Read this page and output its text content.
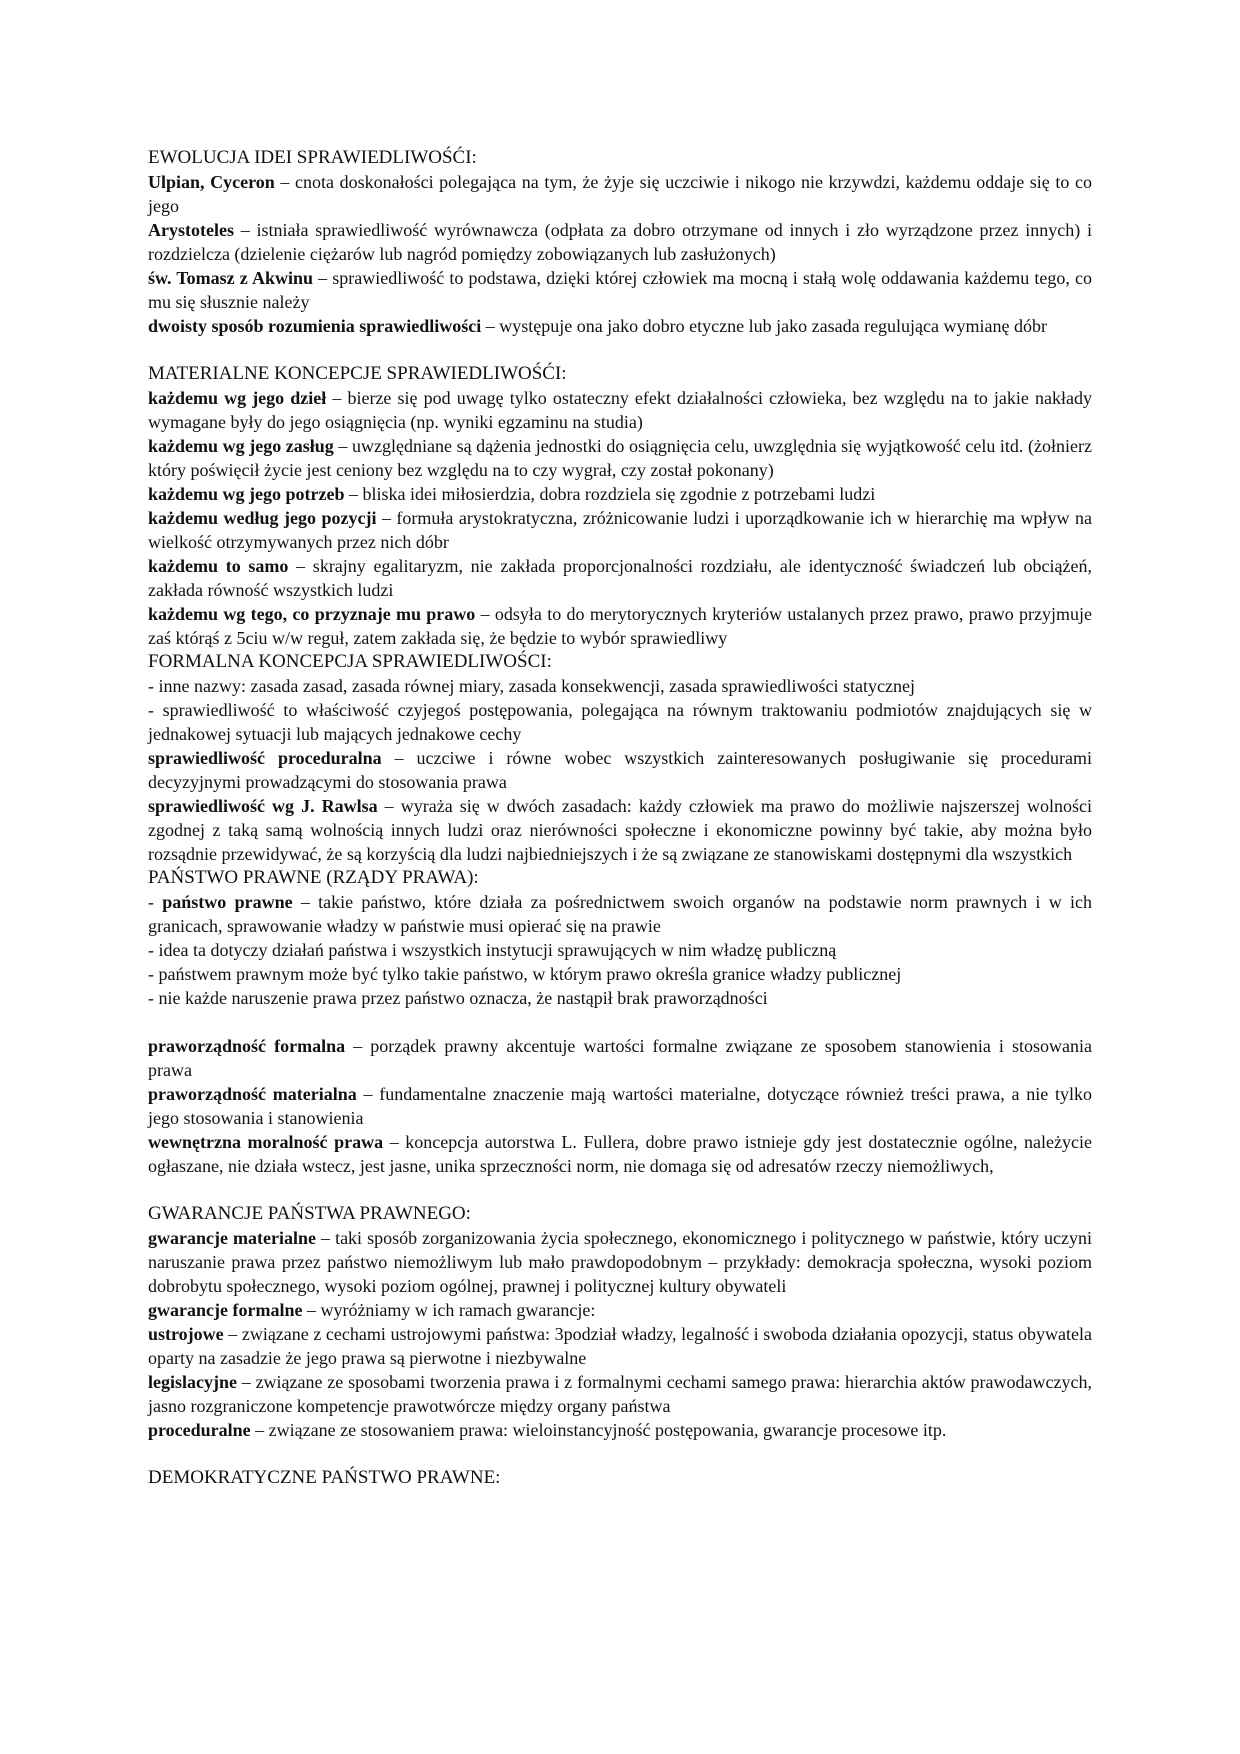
EWOLUCJA IDEI SPRAWIEDLIWOŚĆI:

Ulpian, Cyceron – cnota doskonałości polegająca na tym, że żyje się uczciwie i nikogo nie krzywdzi, każdemu oddaje się to co jego

Arystoteles – istniała sprawiedliwość wyrównawcza (odpłata za dobro otrzymane od innych i zło wyrządzone przez innych) i rozdzielcza (dzielenie ciężarów lub nagród pomiędzy zobowiązanych lub zasłużonych)

św. Tomasz z Akwinu – sprawiedliwość to podstawa, dzięki której człowiek ma mocną i stałą wolę oddawania każdemu tego, co mu się słusznie należy

dwoisty sposób rozumienia sprawiedliwości – występuje ona jako dobro etyczne lub jako zasada regulująca wymianę dóbr

MATERIALNE KONCEPCJE SPRAWIEDLIWOŚĆI:

każdemu wg jego dzieł – bierze się pod uwagę tylko ostateczny efekt działalności człowieka, bez względu na to jakie nakłady wymagane były do jego osiągnięcia (np. wyniki egzaminu na studia)

każdemu wg jego zasług – uwzględniane są dążenia jednostki do osiągnięcia celu, uwzględnia się wyjątkowość celu itd. (żołnierz który poświęcił życie jest ceniony bez względu na to czy wygrał, czy został pokonany)

każdemu wg jego potrzeb – bliska idei miłosierdzia, dobra rozdziela się zgodnie z potrzebami ludzi

każdemu według jego pozycji – formuła arystokratyczna, zróżnicowanie ludzi i uporządkowanie ich w hierarchię ma wpływ na wielkość otrzymywanych przez nich dóbr

każdemu to samo – skrajny egalitaryzm, nie zakłada proporcjonalności rozdziału, ale identyczność świadczeń lub obciążeń, zakłada równość wszystkich ludzi

każdemu wg tego, co przyznaje mu prawo – odsyła to do merytorycznych kryteriów ustalanych przez prawo, prawo przyjmuje zaś którąś z 5ciu w/w reguł, zatem zakłada się, że będzie to wybór sprawiedliwy

FORMALNA KONCEPCJA SPRAWIEDLIWOŚCI:

- inne nazwy: zasada zasad, zasada równej miary, zasada konsekwencji, zasada sprawiedliwości statycznej

- sprawiedliwość to właściwość czyjegoś postępowania, polegająca na równym traktowaniu podmiotów znajdujących się w jednakowej sytuacji lub mających jednakowe cechy

sprawiedliwość proceduralna – uczciwe i równe wobec wszystkich zainteresowanych posługiwanie się procedurami decyzyjnymi prowadzącymi do stosowania prawa

sprawiedliwość wg J. Rawlsa – wyraża się w dwóch zasadach: każdy człowiek ma prawo do możliwie najszerszej wolności zgodnej z taką samą wolnością innych ludzi oraz nierówności społeczne i ekonomiczne powinny być takie, aby można było rozsądnie przewidywać, że są korzyścią dla ludzi najbiedniejszych i że są związane ze stanowiskami dostępnymi dla wszystkich

PAŃSTWO PRAWNE (RZĄDY PRAWA):

- państwo prawne – takie państwo, które działa za pośrednictwem swoich organów na podstawie norm prawnych i w ich granicach, sprawowanie władzy w państwie musi opierać się na prawie

- idea ta dotyczy działań państwa i wszystkich instytucji sprawujących w nim władzę publiczną

- państwem prawnym może być tylko takie państwo, w którym prawo określa granice władzy publicznej

- nie każde naruszenie prawa przez państwo oznacza, że nastąpił brak praworządności

praworządność formalna – porządek prawny akcentuje wartości formalne związane ze sposobem stanowienia i stosowania prawa

praworządność materialna – fundamentalne znaczenie mają wartości materialne, dotyczące również treści prawa, a nie tylko jego stosowania i stanowienia

wewnętrzna moralność prawa – koncepcja autorstwa L. Fullera, dobre prawo istnieje gdy jest dostatecznie ogólne, należycie ogłaszane, nie działa wstecz, jest jasne, unika sprzeczności norm, nie domaga się od adresatów rzeczy niemożliwych,

GWARANCJE PAŃSTWA PRAWNEGO:

gwarancje materialne – taki sposób zorganizowania życia społecznego, ekonomicznego i politycznego w państwie, który uczyni naruszanie prawa przez państwo niemożliwym lub mało prawdopodobnym – przykłady: demokracja społeczna, wysoki poziom dobrobytu społecznego, wysoki poziom ogólnej, prawnej i politycznej kultury obywateli

gwarancje formalne – wyróżniamy w ich ramach gwarancje:

ustrojowe – związane z cechami ustrojowymi państwa: 3podział władzy, legalność i swoboda działania opozycji, status obywatela oparty na zasadzie że jego prawa są pierwotne i niezbywalne

legislacyjne – związane ze sposobami tworzenia prawa i z formalnymi cechami samego prawa: hierarchia aktów prawodawczych, jasno rozgraniczone kompetencje prawotwórcze między organy państwa

proceduralne – związane ze stosowaniem prawa: wieloinstancyjność postępowania, gwarancje procesowe itp.

DEMOKRATYCZNE PAŃSTWO PRAWNE:
